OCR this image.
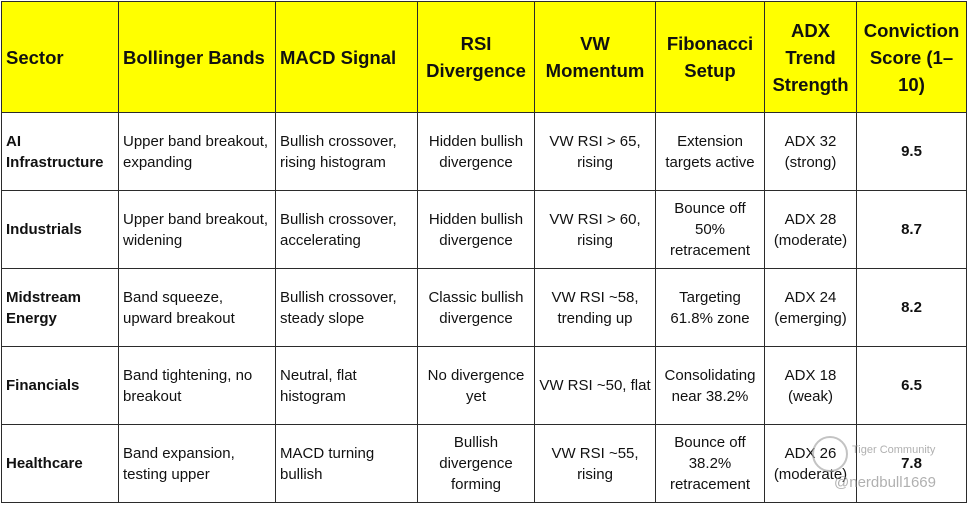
Sector	Bollinger Bands	MACD Signal	RSI Divergence	VW Momentum	Fibonacci Setup	ADX Trend Strength	Conviction Score (1–10)
AI Infrastructure	Upper band breakout, expanding	Bullish crossover, rising histogram	Hidden bullish divergence	VW RSI > 65, rising	Extension targets active	ADX 32 (strong)	9.5
Industrials	Upper band breakout, widening	Bullish crossover, accelerating	Hidden bullish divergence	VW RSI > 60, rising	Bounce off 50% retracement	ADX 28 (moderate)	8.7
Midstream Energy	Band squeeze, upward breakout	Bullish crossover, steady slope	Classic bullish divergence	VW RSI ~58, trending up	Targeting 61.8% zone	ADX 24 (emerging)	8.2
Financials	Band tightening, no breakout	Neutral, flat histogram	No divergence yet	VW RSI ~50, flat	Consolidating near 38.2%	ADX 18 (weak)	6.5
Healthcare	Band expansion, testing upper	MACD turning bullish	Bullish divergence forming	VW RSI ~55, rising	Bounce off 38.2% retracement	ADX 26 (moderate)	7.8
Tiger Community
@nerdbull1669
